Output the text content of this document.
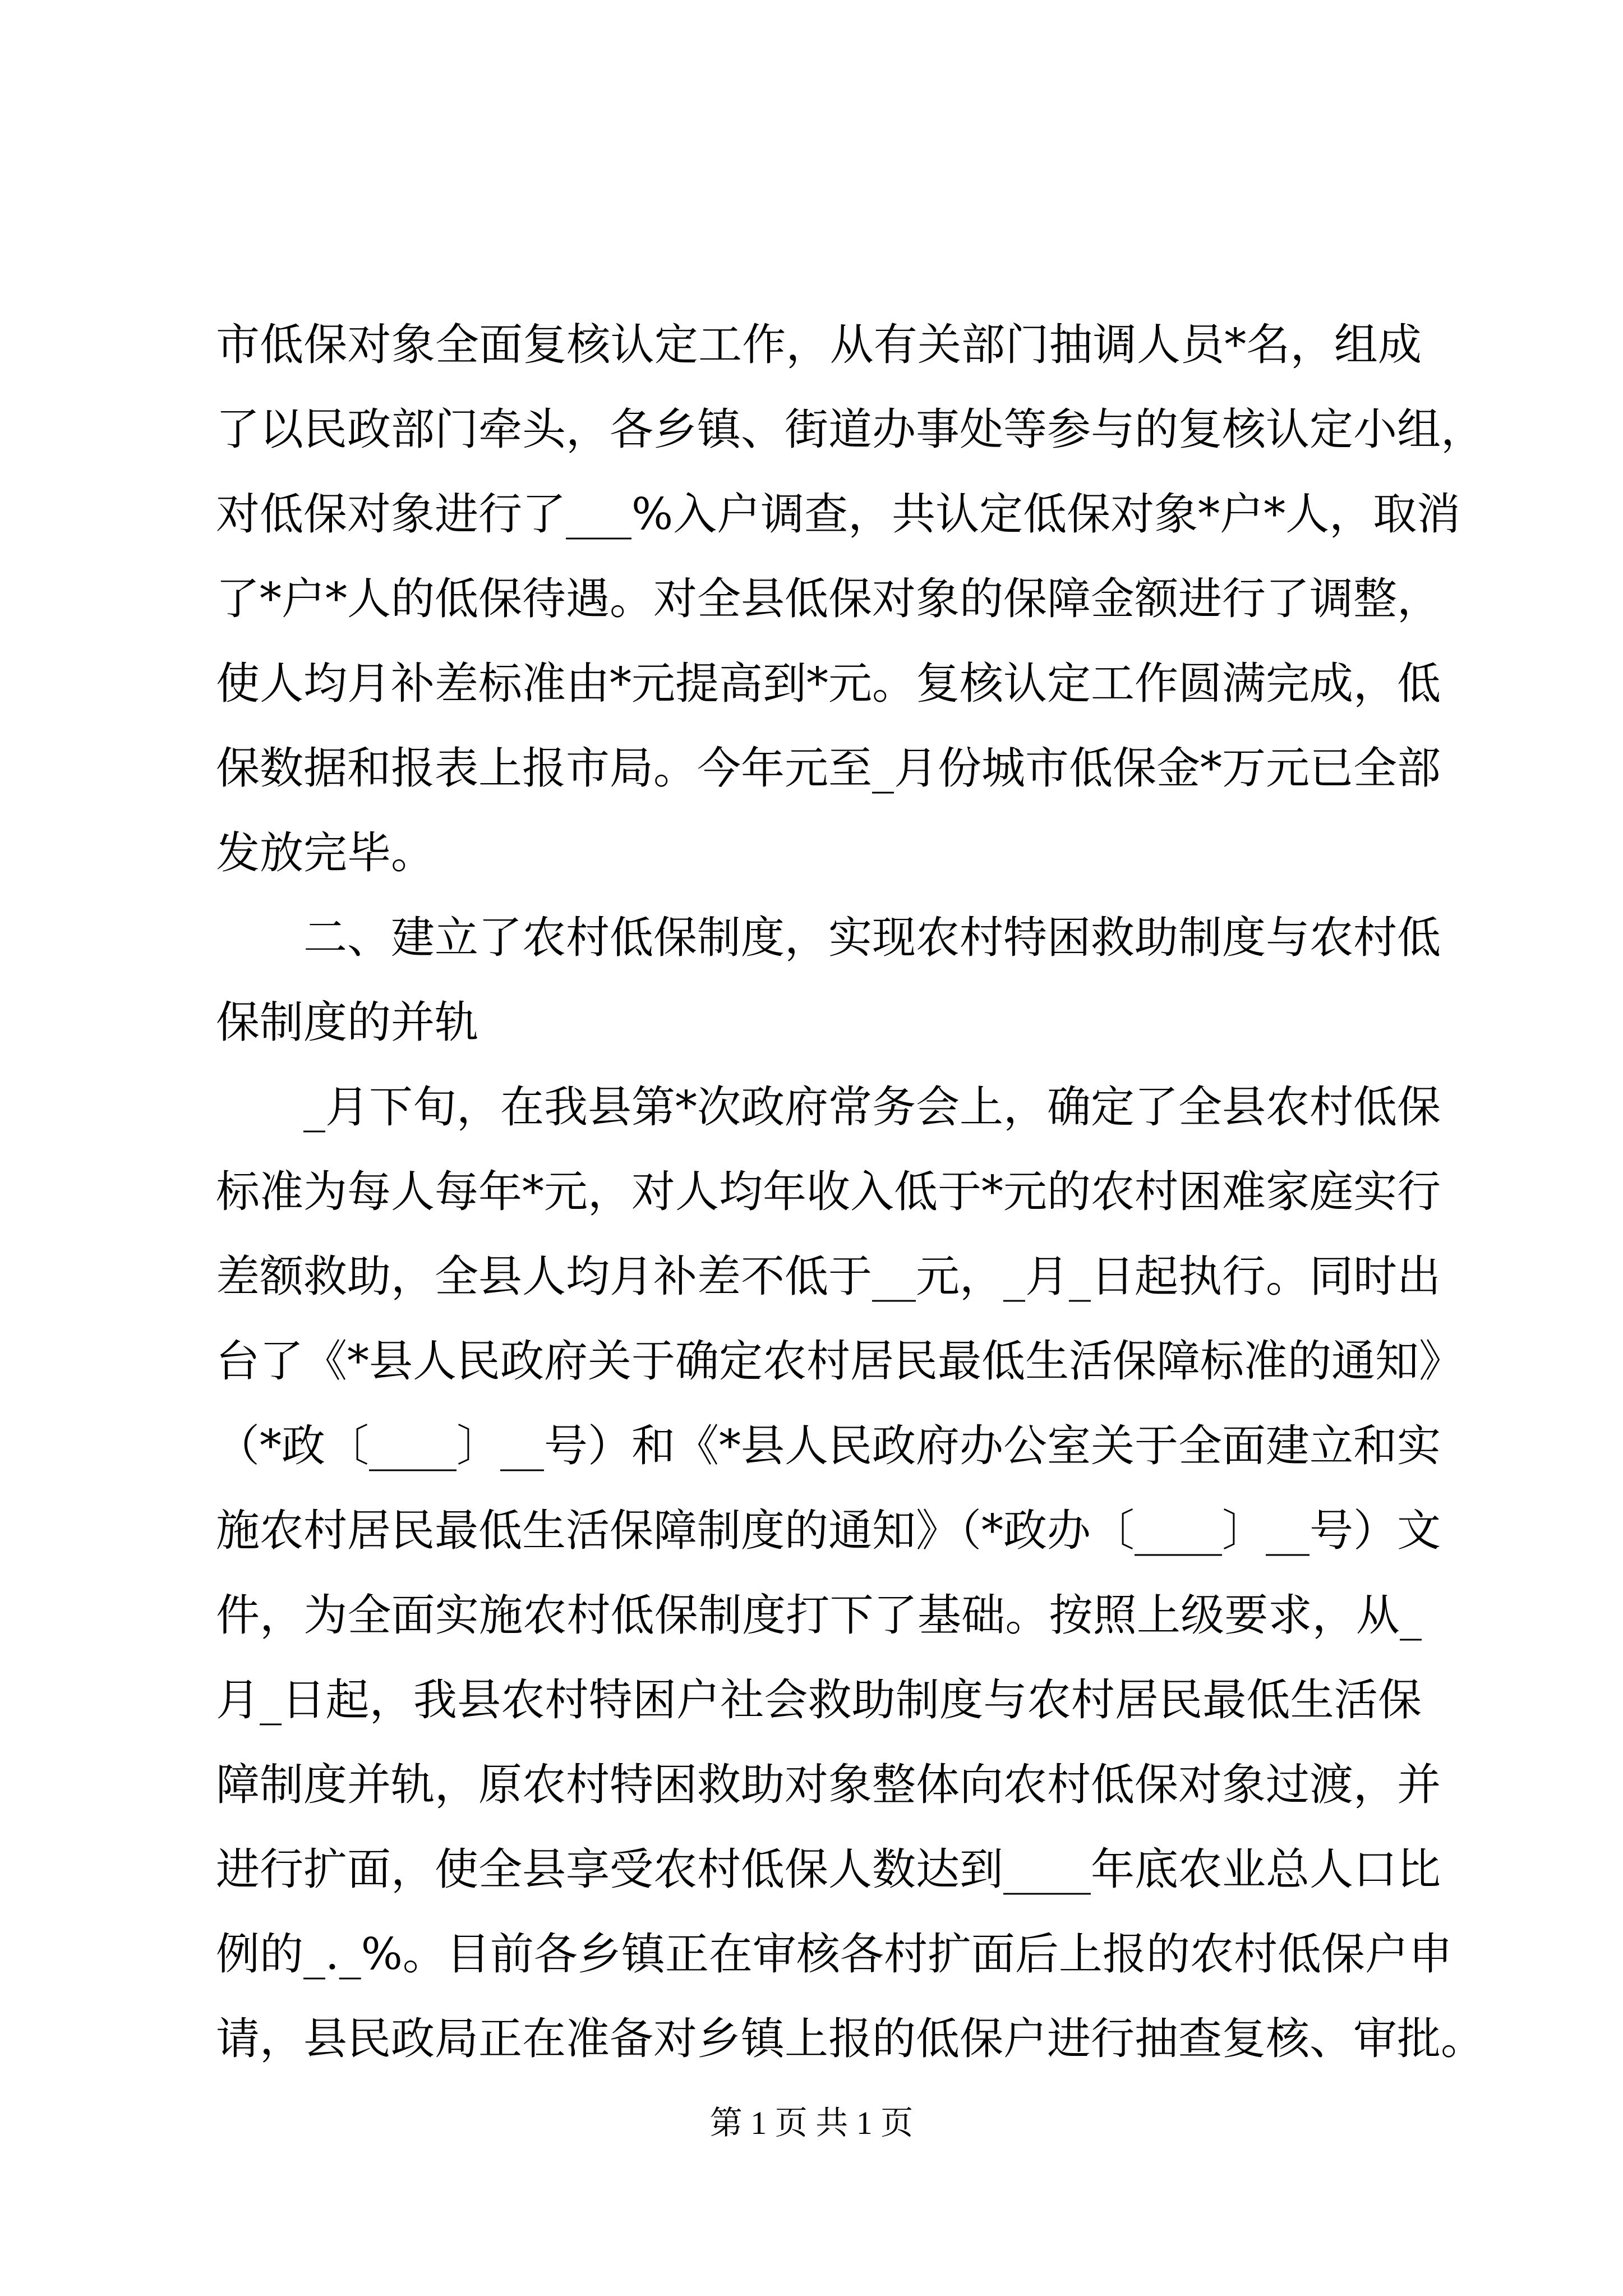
市低保对象全面复核认定工作，从有关部门抽调人员*名，组成
了以民政部门牵头，各乡镇、街道办事处等参与的复核认定小组，
对低保对象进行了___%入户调查，共认定低保对象*户*人，取消
了*户*人的低保待遇。对全县低保对象的保障金额进行了调整，
使人均月补差标准由*元提高到*元。复核认定工作圆满完成，低
保数据和报表上报市局。今年元至_月份城市低保金*万元已全部
发放完毕。
二、建立了农村低保制度，实现农村特困救助制度与农村低
保制度的并轨
_月下旬，在我县第*次政府常务会上，确定了全县农村低保
标准为每人每年*元，对人均年收入低于*元的农村困难家庭实行
差额救助，全县人均月补差不低于__元，_月_日起执行。同时出
台了《*县人民政府关于确定农村居民最低生活保障标准的通知》
（*政〔____〕__号）和《*县人民政府办公室关于全面建立和实
施农村居民最低生活保障制度的通知》（*政办〔____〕__号）文
件，为全面实施农村低保制度打下了基础。按照上级要求，从_
月_日起，我县农村特困户社会救助制度与农村居民最低生活保
障制度并轨，原农村特困救助对象整体向农村低保对象过渡，并
进行扩面，使全县享受农村低保人数达到____年底农业总人口比
例的_._%。目前各乡镇正在审核各村扩面后上报的农村低保户申
请，县民政局正在准备对乡镇上报的低保户进行抽查复核、审批。
第 1 页 共 1 页
